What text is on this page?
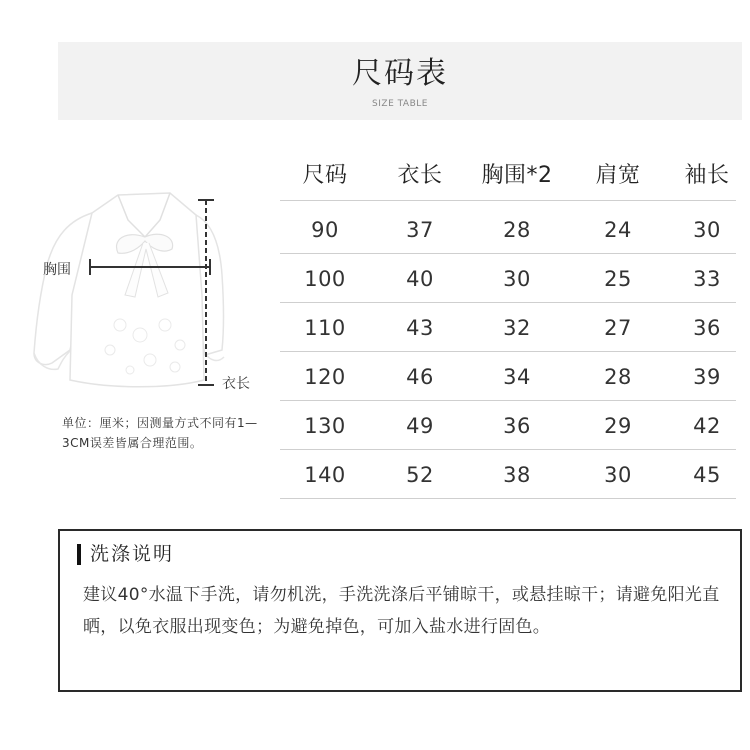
尺码表
SIZE TABLE
胸围
衣长
单位：厘米；因测量方式不同有1—3CM误差皆属合理范围。
尺码	衣长	胸围*2	肩宽	袖长
90	37	28	24	30
100	40	30	25	33
110	43	32	27	36
120	46	34	28	39
130	49	36	29	42
140	52	38	30	45
洗涤说明
建议40°水温下手洗，请勿机洗，手洗洗涤后平铺晾干，或悬挂晾干；请避免阳光直晒，以免衣服出现变色；为避免掉色，可加入盐水进行固色。
